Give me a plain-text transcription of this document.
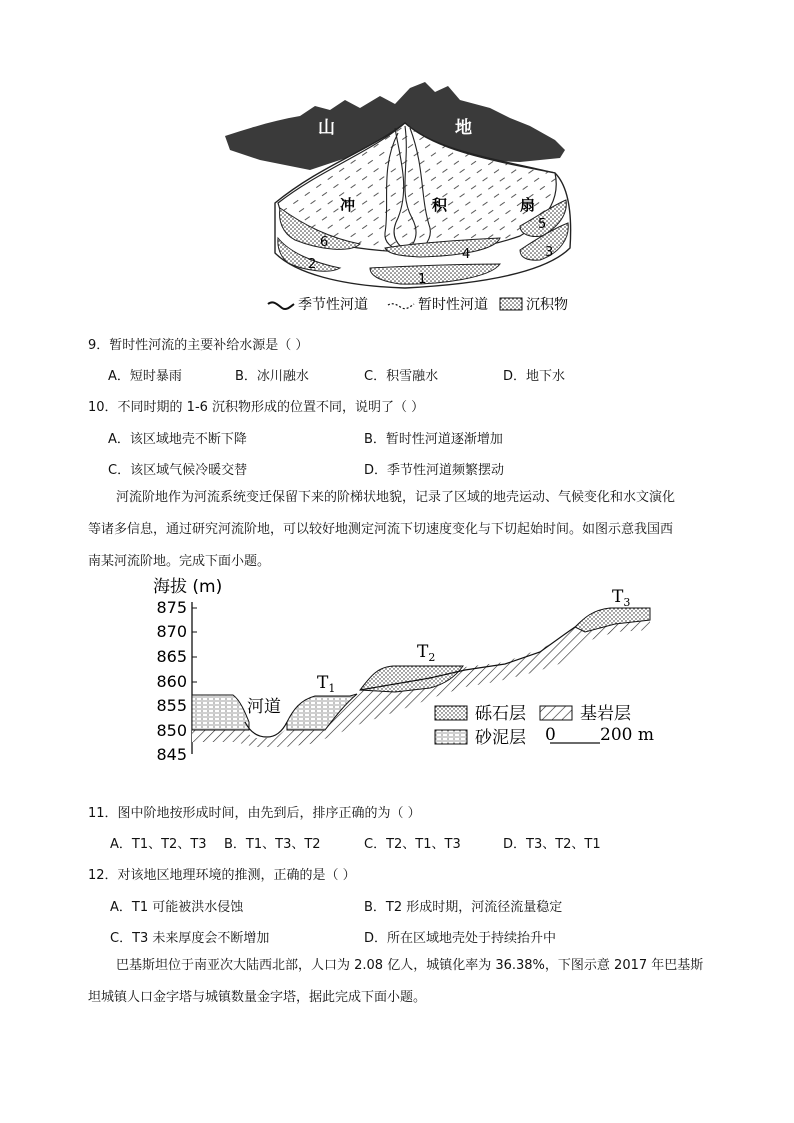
山	地
冲	积	扇
6
2
4
1
5
3
季节性河道	暂时性河道	沉积物
9．暂时性河流的主要补给水源是（ ）
A．短时暴雨	B．冰川融水	C．积雪融水	D．地下水
10．不同时期的 1-6 沉积物形成的位置不同，说明了（ ）
A．该区域地壳不断下降	B．暂时性河道逐渐增加
C．该区域气候冷暖交替	D．季节性河道频繁摆动
河流阶地作为河流系统变迁保留下来的阶梯状地貌，记录了区域的地壳运动、气候变化和水文演化
等诸多信息，通过研究河流阶地，可以较好地测定河流下切速度变化与下切起始时间。如图示意我国西
南某河流阶地。完成下面小题。
海拔 (m)
875
870
865
860
855
850
845
河道
$T_1$
$T_2$
$T_3$
砾石层	基岩层
砂泥层 0	200 m
11．图中阶地按形成时间，由先到后，排序正确的为（ ）
A．T1、T2、T3 B．T1、T3、T2	C．T2、T1、T3	D．T3、T2、T1
12．对该地区地理环境的推测，正确的是（ ）
A．T1 可能被洪水侵蚀	B．T2 形成时期，河流径流量稳定
C．T3 未来厚度会不断增加	D．所在区域地壳处于持续抬升中
巴基斯坦位于南亚次大陆西北部，人口为 2.08 亿人，城镇化率为 36.38%，下图示意 2017 年巴基斯
坦城镇人口金字塔与城镇数量金字塔，据此完成下面小题。
